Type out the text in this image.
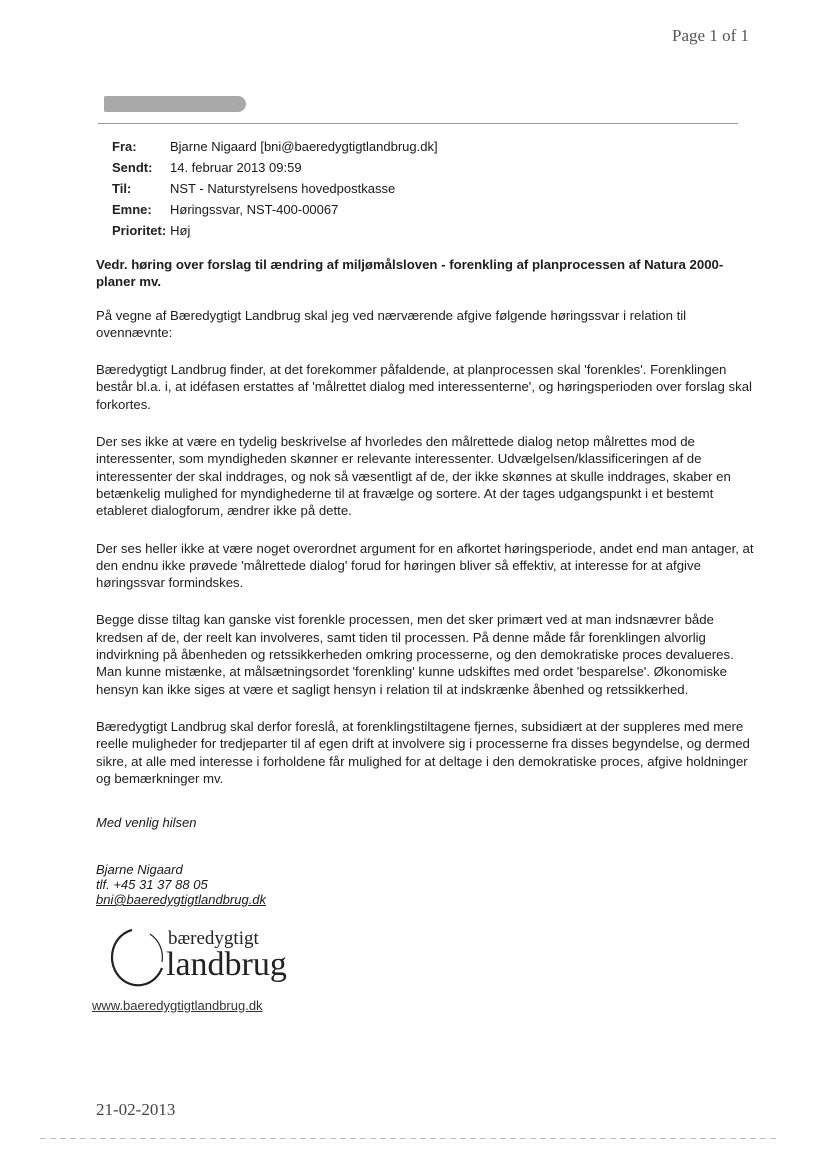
Page 1 of 1
Fra:	Bjarne Nigaard [bni@baeredygtigtlandbrug.dk]
Sendt:	14. februar 2013 09:59
Til:	NST - Naturstyrelsens hovedpostkasse
Emne:	Høringssvar, NST-400-00067
Prioritet: Høj

Vedr. høring over forslag til ændring af miljømålsloven - forenkling af planprocessen af Natura 2000-planer mv.

På vegne af Bæredygtigt Landbrug skal jeg ved nærværende afgive følgende høringssvar i relation til ovennævnte:

Bæredygtigt Landbrug finder, at det forekommer påfaldende, at planprocessen skal 'forenkles'. Forenklingen består bl.a. i, at idéfasen erstattes af 'målrettet dialog med interessenterne', og høringsperioden over forslag skal forkortes.

Der ses ikke at være en tydelig beskrivelse af hvorledes den målrettede dialog netop målrettes mod de interessenter, som myndigheden skønner er relevante interessenter. Udvælgelsen/klassificeringen af de interessenter der skal inddrages, og nok så væsentligt af de, der ikke skønnes at skulle inddrages, skaber en betænkelig mulighed for myndighederne til at fravælge og sortere. At der tages udgangspunkt i et bestemt etableret dialogforum, ændrer ikke på dette.

Der ses heller ikke at være noget overordnet argument for en afkortet høringsperiode, andet end man antager, at den endnu ikke prøvede 'målrettede dialog' forud for høringen bliver så effektiv, at interesse for at afgive høringssvar formindskes.

Begge disse tiltag kan ganske vist forenkle processen, men det sker primært ved at man indsnævrer både kredsen af de, der reelt kan involveres, samt tiden til processen. På denne måde får forenklingen alvorlig indvirkning på åbenheden og retssikkerheden omkring processerne, og den demokratiske proces devalueres. Man kunne mistænke, at målsætningsordet 'forenkling' kunne udskiftes med ordet 'besparelse'. Økonomiske hensyn kan ikke siges at være et sagligt hensyn i relation til at indskrænke åbenhed og retssikkerhed.

Bæredygtigt Landbrug skal derfor foreslå, at forenklingstiltagene fjernes, subsidiært at der suppleres med mere reelle muligheder for tredjeparter til af egen drift at involvere sig i processerne fra disses begyndelse, og dermed sikre, at alle med interesse i forholdene får mulighed for at deltage i den demokratiske proces, afgive holdninger og bemærkninger mv.

Med venlig hilsen
Bjarne Nigaard
tlf. +45 31 37 88 05
bni@baeredygtigtlandbrug.dk
bæredygtigt
landbrug
www.baeredygtigtlandbrug.dk
21-02-2013
